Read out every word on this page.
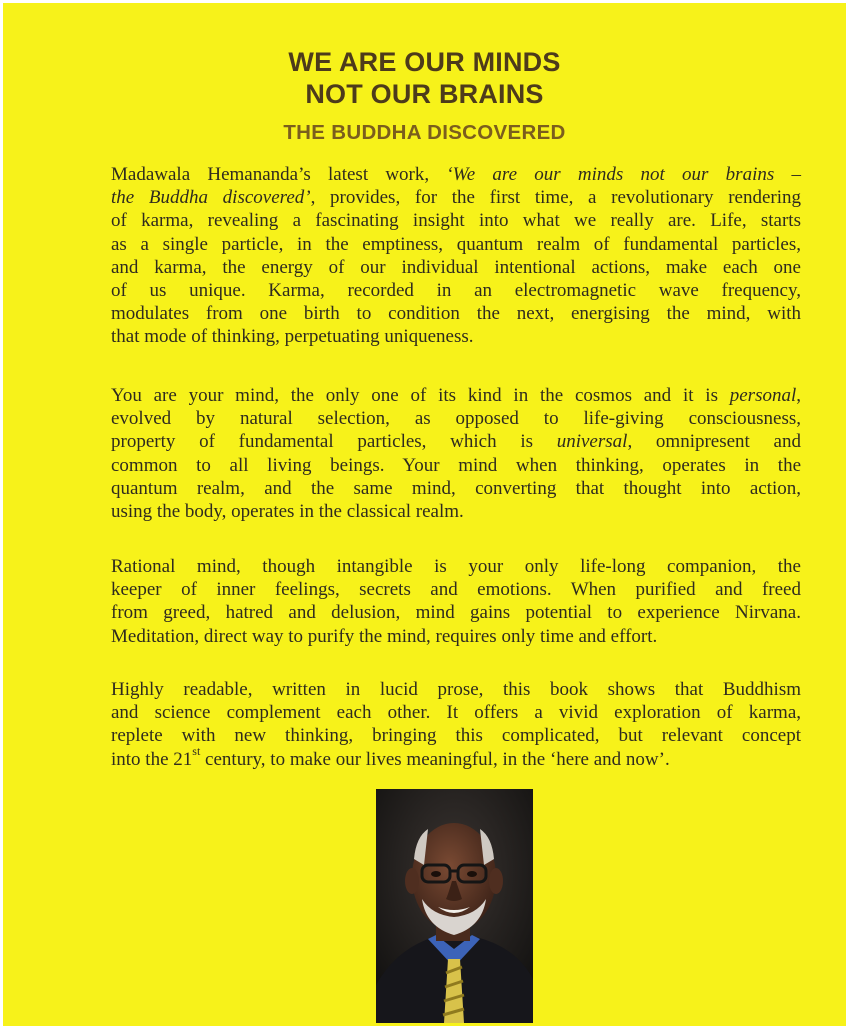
WE ARE OUR MINDS
NOT OUR BRAINS
THE BUDDHA DISCOVERED
Madawala Hemananda’s latest work, ‘We are our minds not our brains –
the Buddha discovered’, provides, for the first time, a revolutionary rendering
of karma, revealing a fascinating insight into what we really are. Life, starts
as a single particle, in the emptiness, quantum realm of fundamental particles,
and karma, the energy of our individual intentional actions, make each one
of us unique. Karma, recorded in an electromagnetic wave frequency,
modulates from one birth to condition the next, energising the mind, with
that mode of thinking, perpetuating uniqueness.
You are your mind, the only one of its kind in the cosmos and it is personal,
evolved by natural selection, as opposed to life-giving consciousness,
property of fundamental particles, which is universal, omnipresent and
common to all living beings. Your mind when thinking, operates in the
quantum realm, and the same mind, converting that thought into action,
using the body, operates in the classical realm.
Rational mind, though intangible is your only life-long companion, the
keeper of inner feelings, secrets and emotions. When purified and freed
from greed, hatred and delusion, mind gains potential to experience Nirvana.
Meditation, direct way to purify the mind, requires only time and effort.
Highly readable, written in lucid prose, this book shows that Buddhism
and science complement each other. It offers a vivid exploration of karma,
replete with new thinking, bringing this complicated, but relevant concept
into the 21st century, to make our lives meaningful, in the ‘here and now’.
